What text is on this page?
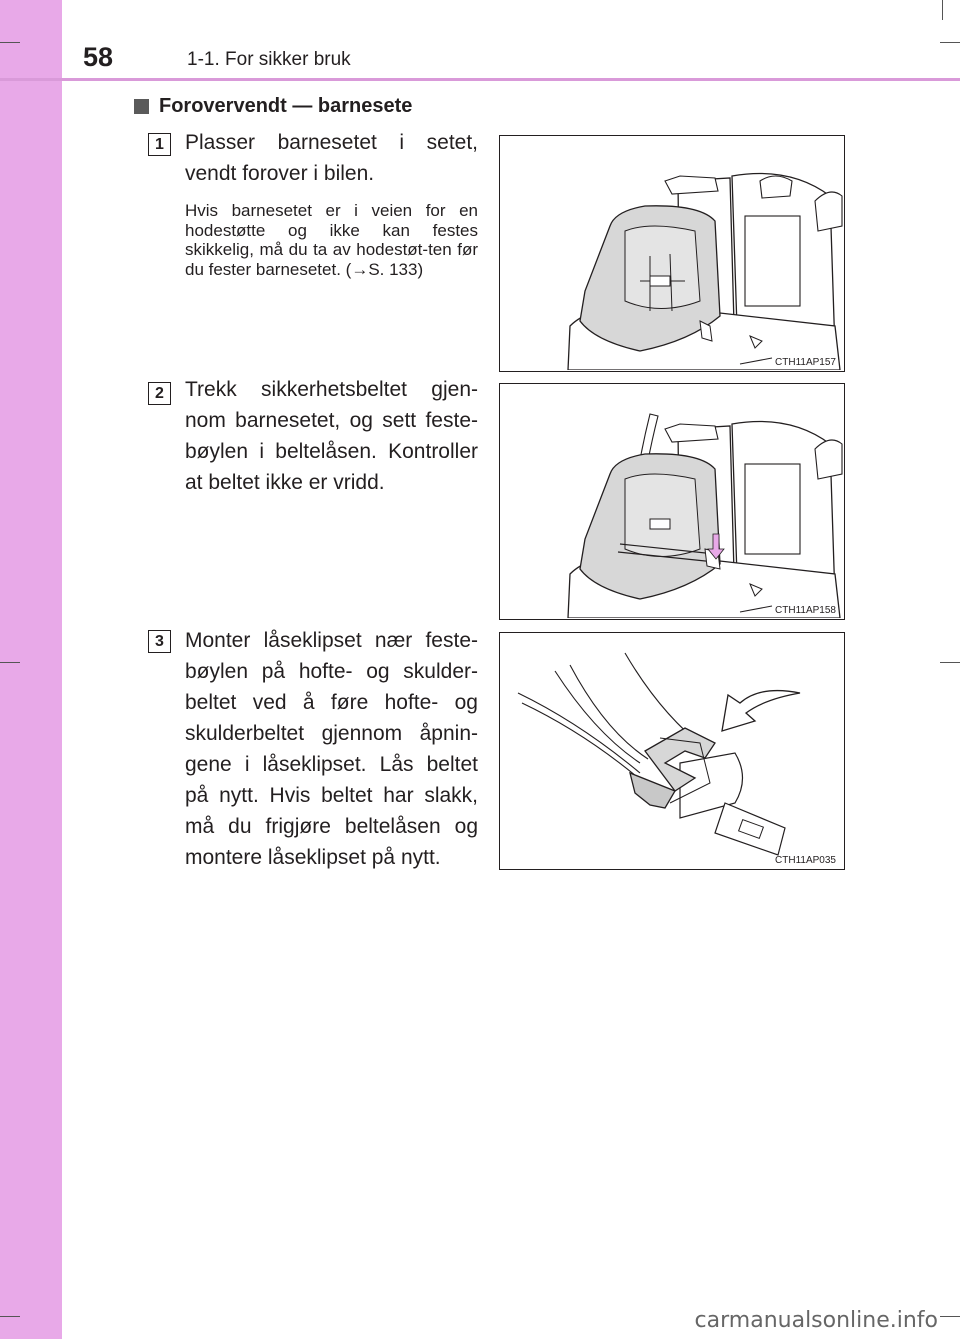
58	1-1. For sikker bruk
Forovervendt — barnesete
1	Plasser barnesetet i setet, vendt forover i bilen.
Hvis barnesetet er i veien for en hodestøtte og ikke kan festes skikkelig, må du ta av hodestøt-ten før du fester barnesetet. (→S. 133)
CTH11AP157
2	Trekk sikkerhetsbeltet gjen-nom barnesetet, og sett feste-bøylen i beltelåsen. Kontroller at beltet ikke er vridd.
CTH11AP158
3	Monter låseklipset nær feste-bøylen på hofte- og skulder-beltet ved å føre hofte- og skulderbeltet gjennom åpnin-gene i låseklipset. Lås beltet på nytt. Hvis beltet har slakk, må du frigjøre beltelåsen og montere låseklipset på nytt.	CTH11AP035
carmanualsonline.info
